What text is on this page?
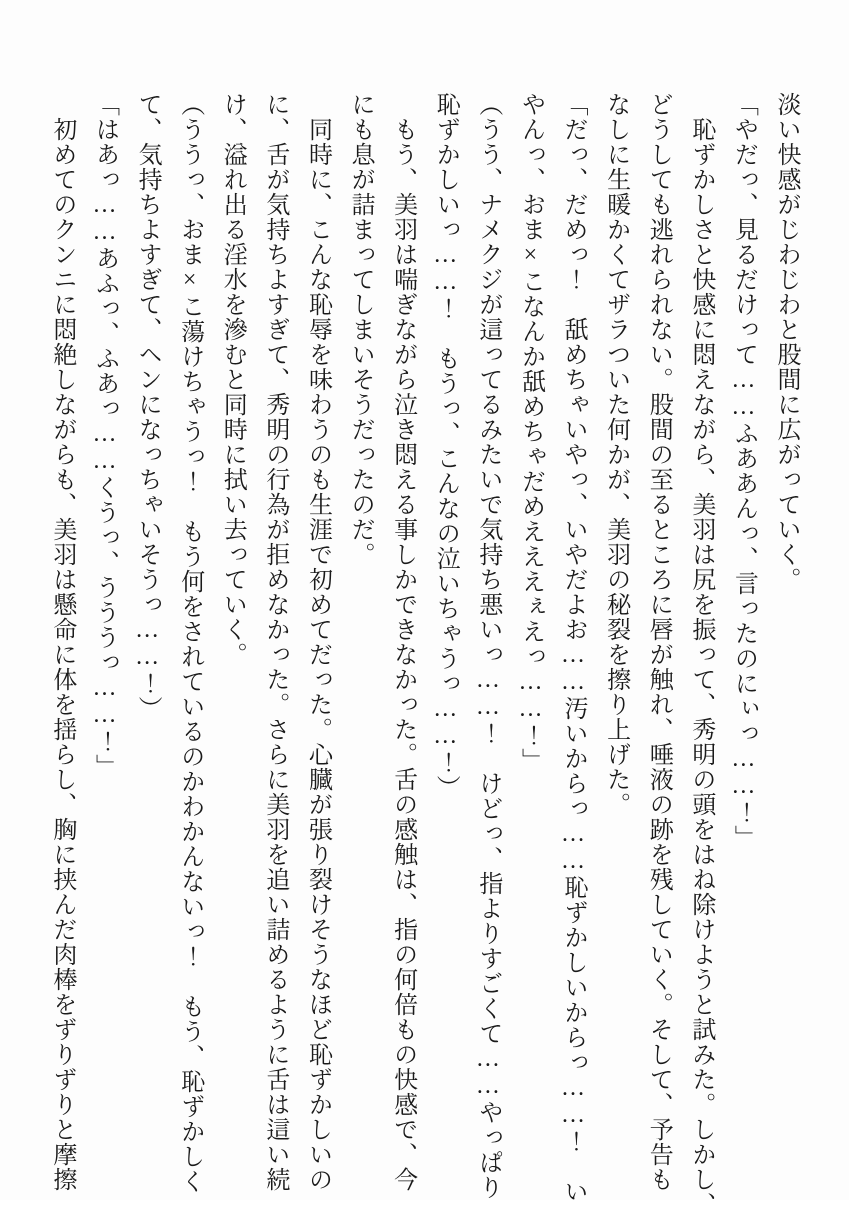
淡い快感がじわじわと股間に広がっていく。
「やだっ、見るだけって……ふああんっ、言ったのにぃっ……！」
　恥ずかしさと快感に悶えながら、美羽は尻を振って、秀明の頭をはね除けようと試みた。しかし、
どうしても逃れられない。股間の至るところに唇が触れ、唾液の跡を残していく。そして、予告も
なしに生暖かくてザラついた何かが、美羽の秘裂を擦り上げた。
「だっ、だめっ！　舐めちゃいやっ、いやだよお……汚いからっ……恥ずかしいからっ……！　い
やんっ、おま×こなんか舐めちゃだめえええぇえっ……！」
（うう、ナメクジが這ってるみたいで気持ち悪いっ……！　けどっ、指よりすごくて……やっぱり
恥ずかしいっ……！　もうっ、こんなの泣いちゃうっ……！）
　もう、美羽は喘ぎながら泣き悶える事しかできなかった。舌の感触は、指の何倍もの快感で、今
にも息が詰まってしまいそうだったのだ。
　同時に、こんな恥辱を味わうのも生涯で初めてだった。心臓が張り裂けそうなほど恥ずかしいの
に、舌が気持ちよすぎて、秀明の行為が拒めなかった。さらに美羽を追い詰めるように舌は這い続
け、溢れ出る淫水を滲むと同時に拭い去っていく。
（ううっ、おま×こ蕩けちゃうっ！　もう何をされているのかわかんないっ！　もう、恥ずかしく
て、気持ちよすぎて、ヘンになっちゃいそうっ……！）
「はあっ……あふっ、ふあっ……くうっ、うううっ……！」
　初めてのクンニに悶絶しながらも、美羽は懸命に体を揺らし、胸に挟んだ肉棒をずりずりと摩擦
